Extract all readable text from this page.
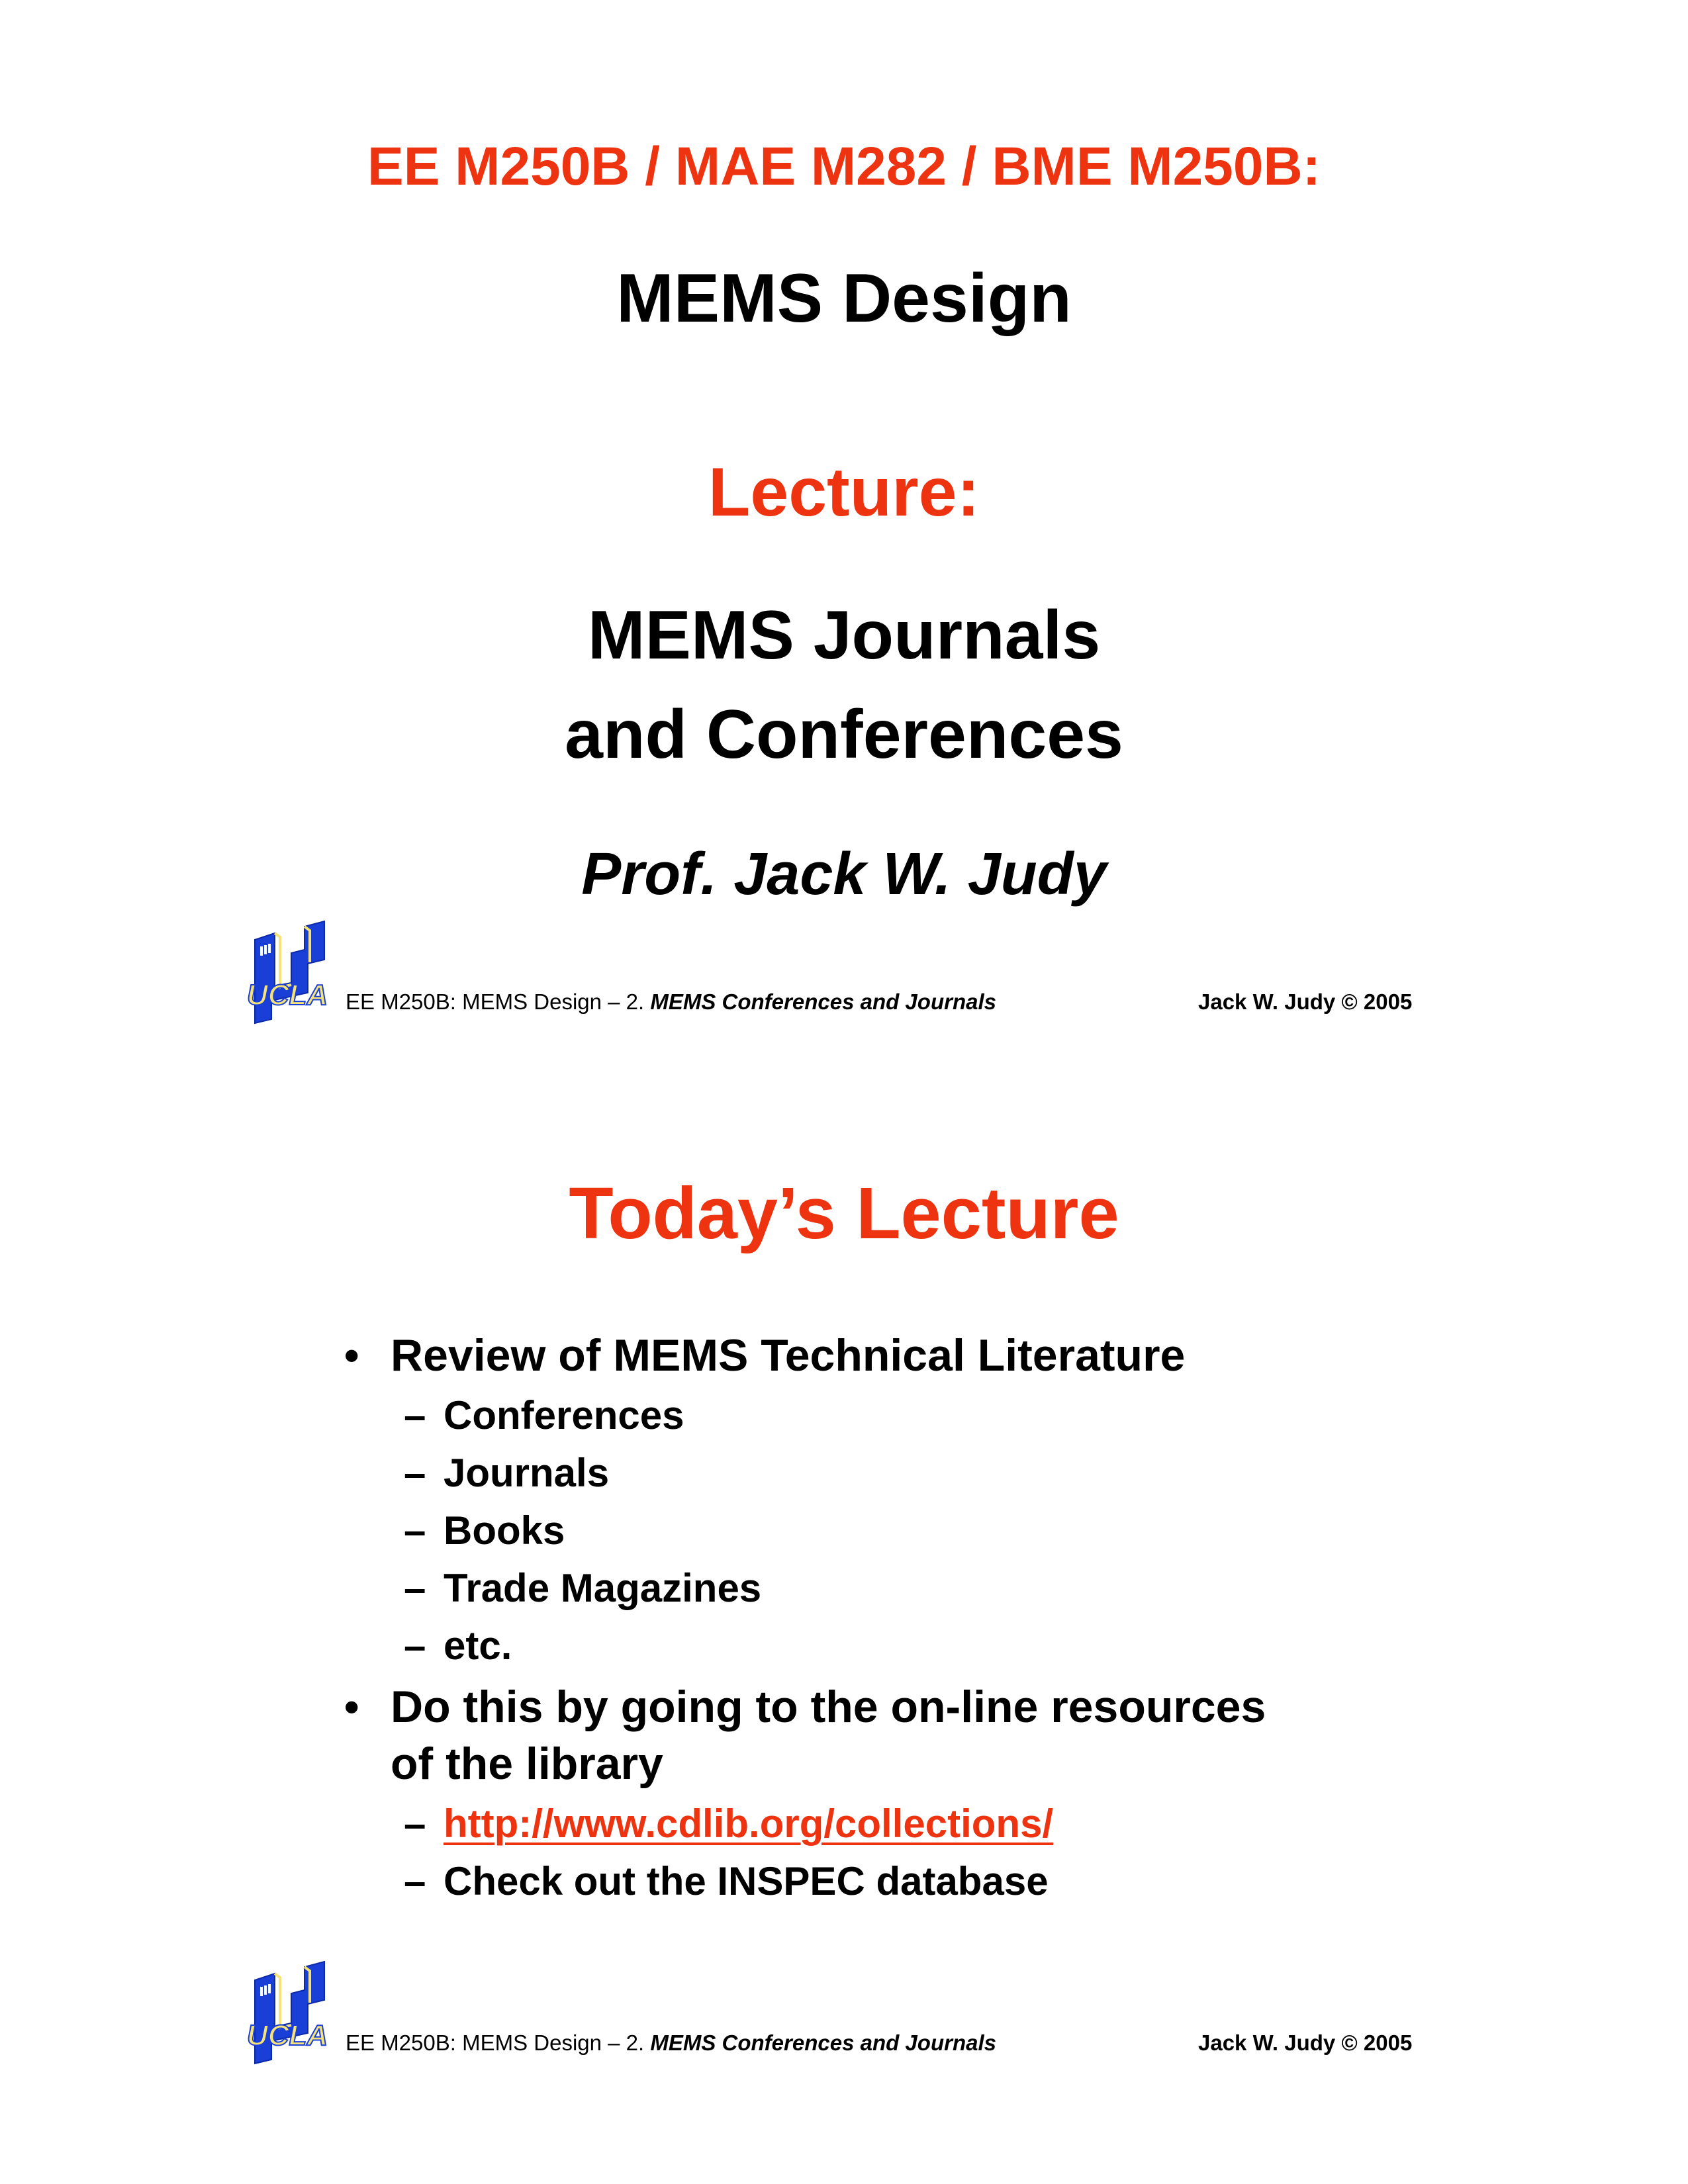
EE M250B / MAE M282 / BME M250B:
MEMS Design
Lecture:
MEMS Journals
and Conferences
Prof. Jack W. Judy
UCLA EE M250B: MEMS Design – 2. MEMS Conferences and Journals	Jack W. Judy © 2005
Today’s Lecture
• Review of MEMS Technical Literature
– Conferences
– Journals
– Books
– Trade Magazines
– etc.
• Do this by going to the on-line resources
of the library
– http://www.cdlib.org/collections/
– Check out the INSPEC database
UCLA EE M250B: MEMS Design – 2. MEMS Conferences and Journals	Jack W. Judy © 2005
